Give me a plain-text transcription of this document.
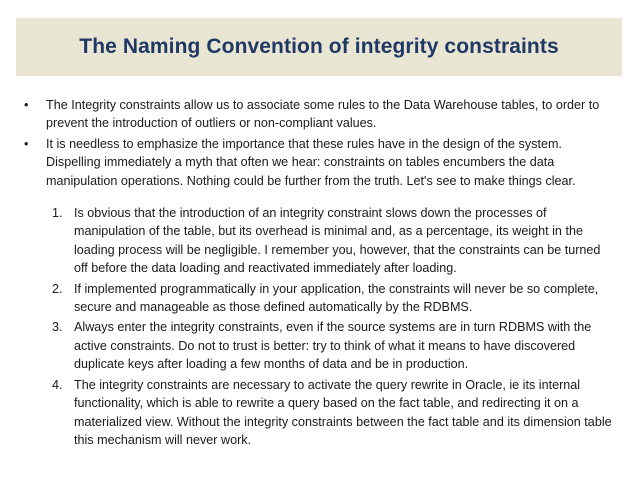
The Naming Convention of integrity constraints
• The Integrity constraints allow us to associate some rules to the Data Warehouse tables, to order to prevent the introduction of outliers or non-compliant values.
• It is needless to emphasize the importance that these rules have in the design of the system. Dispelling immediately a myth that often we hear: constraints on tables encumbers the data manipulation operations. Nothing could be further from the truth. Let's see to make things clear.
1. Is obvious that the introduction of an integrity constraint slows down the processes of manipulation of the table, but its overhead is minimal and, as a percentage, its weight in the loading process will be negligible. I remember you, however, that the constraints can be turned off before the data loading and reactivated immediately after loading.
2. If implemented programmatically in your application, the constraints will never be so complete, secure and manageable as those defined automatically by the RDBMS.
3. Always enter the integrity constraints, even if the source systems are in turn RDBMS with the active constraints. Do not to trust is better: try to think of what it means to have discovered duplicate keys after loading a few months of data and be in production.
4. The integrity constraints are necessary to activate the query rewrite in Oracle, ie its internal functionality, which is able to rewrite a query based on the fact table, and redirecting it on a materialized view. Without the integrity constraints between the fact table and its dimension table this mechanism will never work.
